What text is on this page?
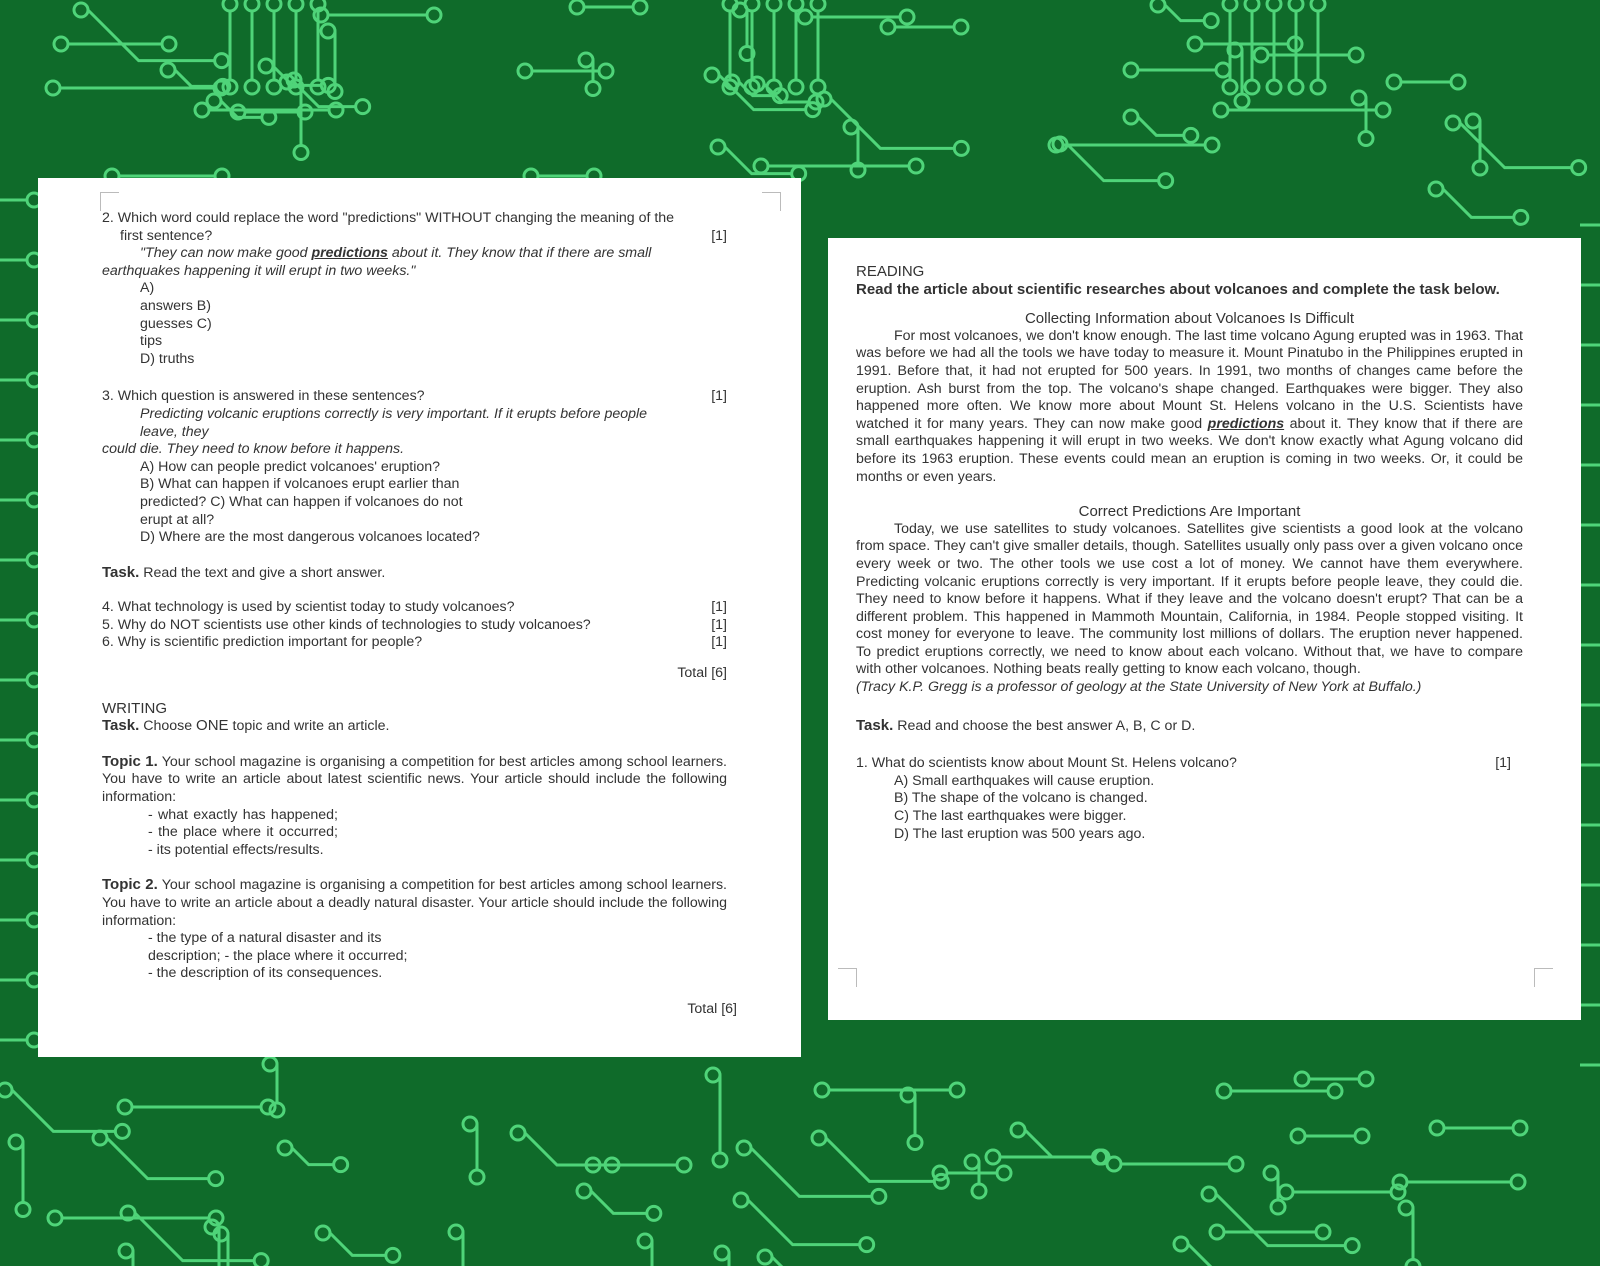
2. Which word could replace the word "predictions" WITHOUT changing the meaning of the

first sentence?	[1]

"They can now make good predictions about it. They know that if there are small

earthquakes happening it will erupt in two weeks."

A)

answers B)

guesses C)

tips

D) truths

3. Which question is answered in these sentences?	[1]

Predicting volcanic eruptions correctly is very important. If it erupts before people

leave, they

could die. They need to know before it happens.

A) How can people predict volcanoes' eruption?

B) What can happen if volcanoes erupt earlier than

predicted? C) What can happen if volcanoes do not

erupt at all?

D) Where are the most dangerous volcanoes located?

Task. Read the text and give a short answer.

4. What technology is used by scientist today to study volcanoes?	[1]
5. Why do NOT scientists use other kinds of technologies to study volcanoes?	[1]
6. Why is scientific prediction important for people?	[1]

Total [6]

WRITING

Task. Choose ONE topic and write an article.

Topic 1. Your school magazine is organising a competition for best articles among school learners. You have to write an article about latest scientific news. Your article should include the following information:

- what exactly has happened; - the place where it occurred; - its potential effects/results.

Topic 2. Your school magazine is organising a competition for best articles among school learners. You have to write an article about a deadly natural disaster. Your article should include the following information:

- the type of a natural disaster and its description; - the place where it occurred;

- the description of its consequences.

Total [6]

READING

Read the article about scientific researches about volcanoes and complete the task below.

Collecting Information about Volcanoes Is Difficult

For most volcanoes, we don't know enough. The last time volcano Agung erupted was in 1963. That was before we had all the tools we have today to measure it. Mount Pinatubo in the Philippines erupted in 1991. Before that, it had not erupted for 500 years. In 1991, two months of changes came before the eruption. Ash burst from the top. The volcano's shape changed. Earthquakes were bigger. They also happened more often. We know more about Mount St. Helens volcano in the U.S. Scientists have watched it for many years. They can now make good predictions about it. They know that if there are small earthquakes happening it will erupt in two weeks. We don't know exactly what Agung volcano did before its 1963 eruption. These events could mean an eruption is coming in two weeks. Or, it could be months or even years.

Correct Predictions Are Important

Today, we use satellites to study volcanoes. Satellites give scientists a good look at the volcano from space. They can't give smaller details, though. Satellites usually only pass over a given volcano once every week or two. The other tools we use cost a lot of money. We cannot have them everywhere. Predicting volcanic eruptions correctly is very important. If it erupts before people leave, they could die. They need to know before it happens. What if they leave and the volcano doesn't erupt? That can be a different problem. This happened in Mammoth Mountain, California, in 1984. People stopped visiting. It cost money for everyone to leave. The community lost millions of dollars. The eruption never happened. To predict eruptions correctly, we need to know about each volcano. Without that, we have to compare with other volcanoes. Nothing beats really getting to know each volcano, though.

(Tracy K.P. Gregg is a professor of geology at the State University of New York at Buffalo.)

Task. Read and choose the best answer A, B, C or D.

1. What do scientists know about Mount St. Helens volcano?	[1]

A) Small earthquakes will cause eruption.

B) The shape of the volcano is changed. C) The last earthquakes were bigger.

D) The last eruption was 500 years ago.
